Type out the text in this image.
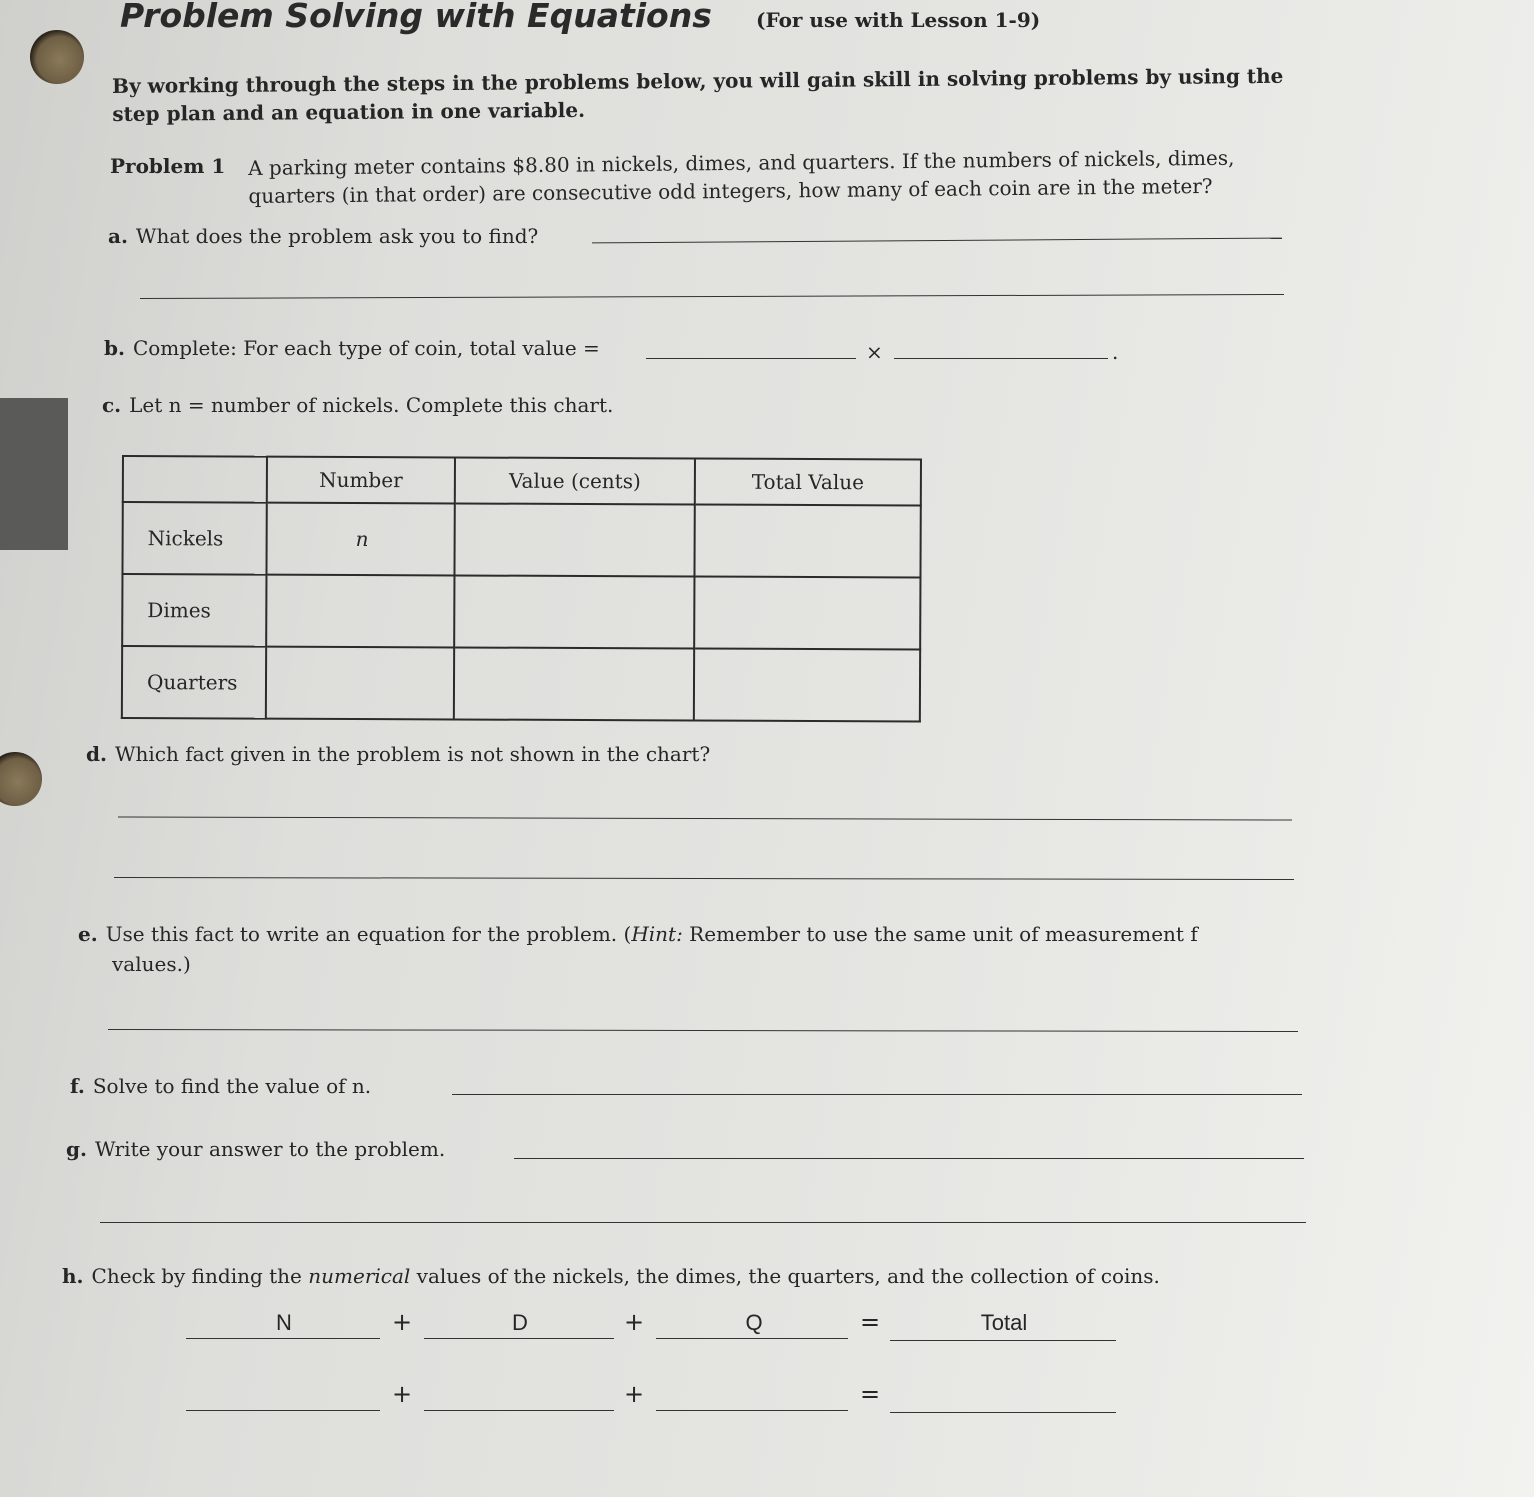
Problem Solving with Equations (For use with Lesson 1-9)
By working through the steps in the problems below, you will gain skill in solving problems by using the step plan and an equation in one variable.
Problem 1 A parking meter contains $8.80 in nickels, dimes, and quarters. If the numbers of nickels, dimes, quarters (in that order) are consecutive odd integers, how many of each coin are in the meter?
a. What does the problem ask you to find?
b. Complete: For each type of coin, total value =	×	.
c. Let n = number of nickels. Complete this chart.
	Number	Value (cents)	Total Value
Nickels	n		
Dimes			
Quarters			
d. Which fact given in the problem is not shown in the chart?
e. Use this fact to write an equation for the problem. (Hint: Remember to use the same unit of measurement f
values.)
f. Solve to find the value of n.
g. Write your answer to the problem.
h. Check by finding the numerical values of the nickels, the dimes, the quarters, and the collection of coins.
N	+	D	+	Q	=	Total
+	+	=
